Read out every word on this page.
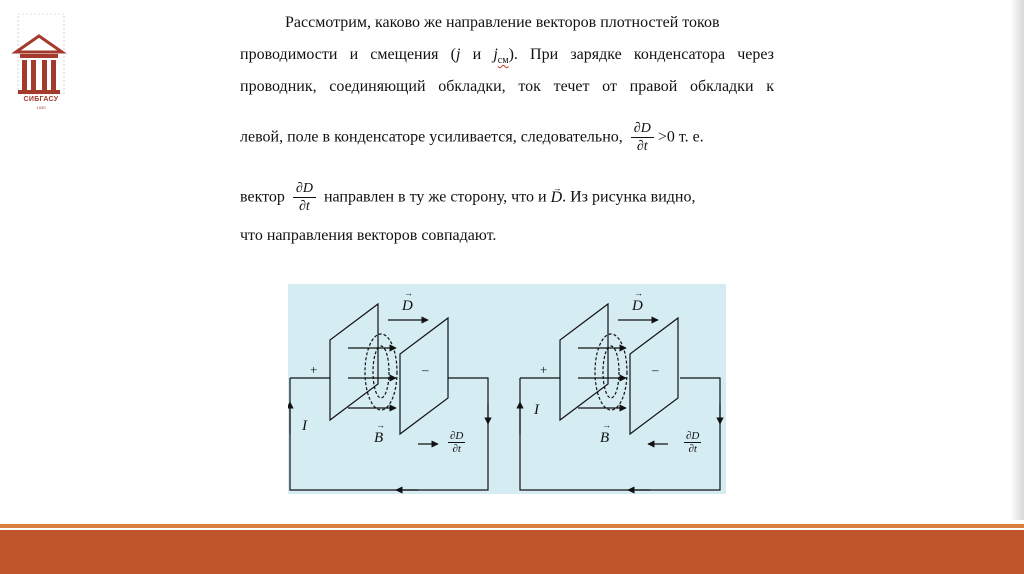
СИБГАСУ
1930
Рассмотрим, каково же направление векторов плотностей токов
проводимости и смещения (j и $j_{см}$). При зарядке конденсатора через
проводник, соединяющий обкладки, ток течет от правой обкладки к
левой, поле в конденсаторе усиливается, следовательно, $\frac{\partial D}{\partial t} >0$ т. е.
вектор $\frac{\partial D}{\partial t}$ направлен в ту же сторону, что и → D. Из рисунка видно,
что направления векторов совпадают.
→ D
+	–
I
→ B	$\frac{\partial D}{\partial t}$
→ D
+	–
I
→ B	$\frac{\partial D}{\partial t}$
